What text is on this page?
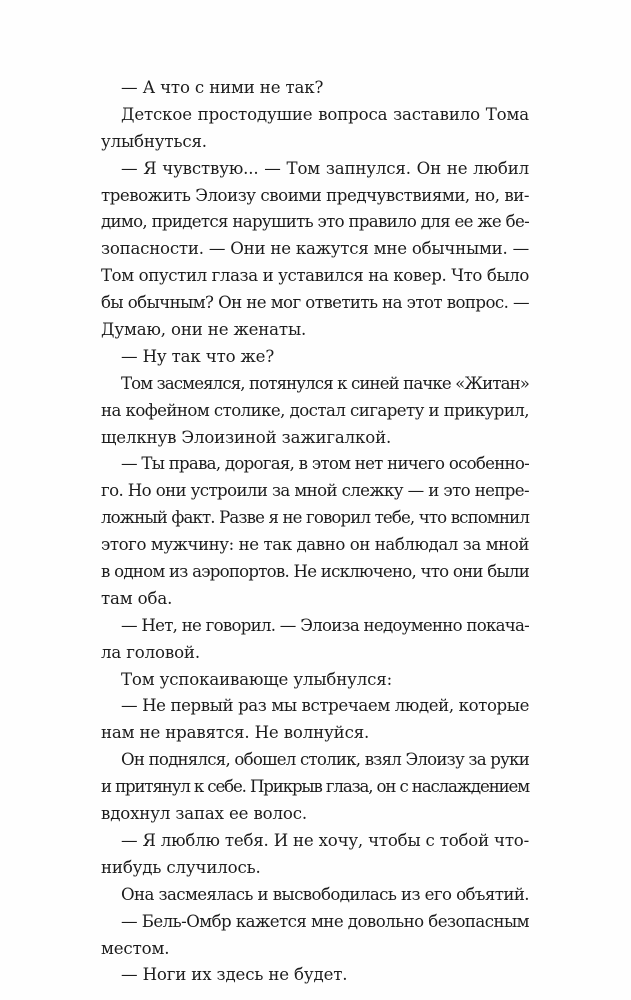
— А что с ними не так?
Детское простодушие вопроса заставило Тома
улыбнуться.
— Я чувствую... — Том запнулся. Он не любил
тревожить Элоизу своими предчувствиями, но, ви-
димо, придется нарушить это правило для ее же бе-
зопасности. — Они не кажутся мне обычными. —
Том опустил глаза и уставился на ковер. Что было
бы обычным? Он не мог ответить на этот вопрос. —
Думаю, они не женаты.
— Ну так что же?
Том засмеялся, потянулся к синей пачке «Житан»
на кофейном столике, достал сигарету и прикурил,
щелкнув Элоизиной зажигалкой.
— Ты права, дорогая, в этом нет ничего особенно-
го. Но они устроили за мной слежку — и это непре-
ложный факт. Разве я не говорил тебе, что вспомнил
этого мужчину: не так давно он наблюдал за мной
в одном из аэропортов. Не исключено, что они были
там оба.
— Нет, не говорил. — Элоиза недоуменно покача-
ла головой.
Том успокаивающе улыбнулся:
— Не первый раз мы встречаем людей, которые
нам не нравятся. Не волнуйся.
Он поднялся, обошел столик, взял Элоизу за руки
и притянул к себе. Прикрыв глаза, он с наслаждением
вдохнул запах ее волос.
— Я люблю тебя. И не хочу, чтобы с тобой что-
нибудь случилось.
Она засмеялась и высвободилась из его объятий.
— Бель-Омбр кажется мне довольно безопасным
местом.
— Ноги их здесь не будет.
